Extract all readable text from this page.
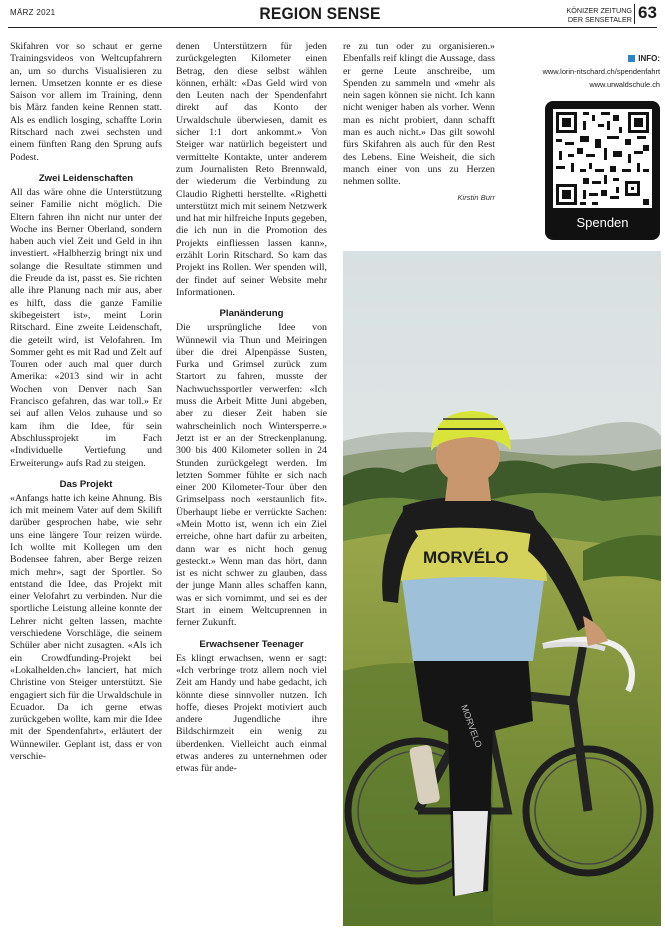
MÄRZ 2021	REGION SENSE	KÖNIZER ZEITUNG
DER SENSETALER 63

Skifahren vor so schaut er gerne Trainingsvideos von Weltcupfahrern an, um so durchs Visualisieren zu lernen. Umsetzen konnte er es diese Saison vor allem im Training, denn bis März fanden keine Rennen statt. Als es endlich losging, schaffte Lorin Ritschard nach zwei sechsten und einem fünften Rang den Sprung aufs Podest.

Zwei Leidenschaften

All das wäre ohne die Unterstützung seiner Familie nicht möglich. Die Eltern fahren ihn nicht nur unter der Woche ins Berner Oberland, sondern haben auch viel Zeit und Geld in ihn investiert. «Halbherzig bringt nix und solange die Resultate stimmen und die Freude da ist, passt es. Sie richten alle ihre Planung nach mir aus, aber es hilft, dass die ganze Familie skibegeistert ist», meint Lorin Ritschard. Eine zweite Leidenschaft, die geteilt wird, ist Velofahren. Im Sommer geht es mit Rad und Zelt auf Touren oder auch mal quer durch Amerika: «2013 sind wir in acht Wochen von Denver nach San Francisco gefahren, das war toll.» Er sei auf allen Velos zuhause und so kam ihm die Idee, für sein Abschlussprojekt im Fach «Individuelle Vertiefung und Erweiterung» aufs Rad zu steigen.

Das Projekt

«Anfangs hatte ich keine Ahnung. Bis ich mit meinem Vater auf dem Skilift darüber gesprochen habe, wie sehr uns eine längere Tour reizen würde. Ich wollte mit Kollegen um den Bodensee fahren, aber Berge reizen mich mehr», sagt der Sportler. So entstand die Idee, das Projekt mit einer Velofahrt zu verbinden. Nur die sportliche Leistung alleine konnte der Lehrer nicht gelten lassen, machte verschiedene Vorschläge, die seinem Schüler aber nicht zusagten. «Als ich ein Crowdfunding-Projekt bei «Lokalhelden.ch» lanciert, hat mich Christine von Steiger unterstützt. Sie engagiert sich für die Urwaldschule in Ecuador. Da ich gerne etwas zurückgeben wollte, kam mir die Idee mit der Spendenfahrt», erläutert der Wünnewiler. Geplant ist, dass er von verschie-

denen Unterstützern für jeden zurückgelegten Kilometer einen Betrag, den diese selbst wählen können, erhält: «Das Geld wird von den Leuten nach der Spendenfahrt direkt auf das Konto der Urwaldschule überwiesen, damit es sicher 1:1 dort ankommt.» Von Steiger war natürlich begeistert und vermittelte Kontakte, unter anderem zum Journalisten Reto Brennwald, der wiederum die Verbindung zu Claudio Righetti herstellte. «Righetti unterstützt mich mit seinem Netzwerk und hat mir hilfreiche Inputs gegeben, die ich nun in die Promotion des Projekts einfliessen lassen kann», erzählt Lorin Ritschard. So kam das Projekt ins Rollen. Wer spenden will, der findet auf seiner Website mehr Informationen.

Planänderung

Die ursprüngliche Idee von Wünnewil via Thun und Meiringen über die drei Alpenpässe Susten, Furka und Grimsel zurück zum Startort zu fahren, musste der Nachwuchssportler verwerfen: «Ich muss die Arbeit Mitte Juni abgeben, aber zu dieser Zeit haben sie wahrscheinlich noch Wintersperre.» Jetzt ist er an der Streckenplanung. 300 bis 400 Kilometer sollen in 24 Stunden zurückgelegt werden. Im letzten Sommer fühlte er sich nach einer 200 Kilometer-Tour über den Grimselpass noch «erstaunlich fit». Überhaupt liebe er verrückte Sachen: «Mein Motto ist, wenn ich ein Ziel erreiche, ohne hart dafür zu arbeiten, dann war es nicht hoch genug gesteckt.» Wenn man das hört, dann ist es nicht schwer zu glauben, dass der junge Mann alles schaffen kann, was er sich vornimmt, und sei es der Start in einem Weltcuprennen in ferner Zukunft.

Erwachsener Teenager

Es klingt erwachsen, wenn er sagt: «Ich verbringe trotz allem noch viel Zeit am Handy und habe gedacht, ich könnte diese sinnvoller nutzen. Ich hoffe, dieses Projekt motiviert auch andere Jugendliche ihre Bildschirmzeit ein wenig zu überdenken. Vielleicht auch einmal etwas anderes zu unternehmen oder etwas für ande-

re zu tun oder zu organisieren.» Ebenfalls reif klingt die Aussage, dass er gerne Leute anschreibe, um Spenden zu sammeln und «mehr als nein sagen können sie nicht. Ich kann nicht weniger haben als vorher. Wenn man es nicht probiert, dann schafft man es auch nicht.» Das gilt sowohl fürs Skifahren als auch für den Rest des Lebens. Eine Weisheit, die sich manch einer von uns zu Herzen nehmen sollte.

Kirstin Burr
INFO:
www.lorin-ritschard.ch/spendenfahrt
www.urwaldschule.ch
Spenden
MORVÉLO
MORVELO
